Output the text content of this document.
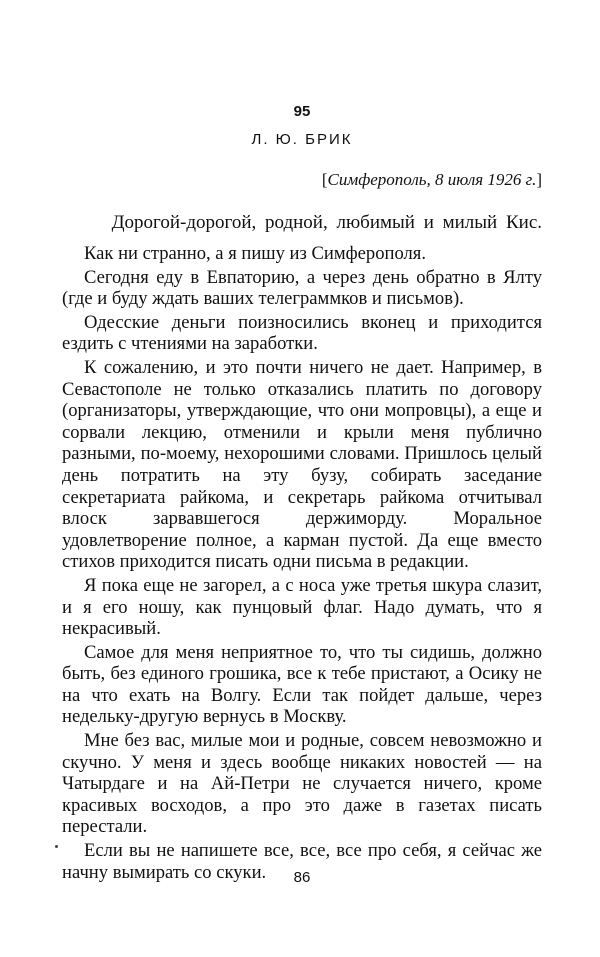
95
Л. Ю. БРИК
[Симферополь, 8 июля 1926 г.]
Дорогой-дорогой, родной, любимый и милый Кис.

Как ни странно, а я пишу из Симферополя.

Сегодня еду в Евпаторию, а через день обратно в Ялту (где и буду ждать ваших телеграммков и письмов).

Одесские деньги поизносились вконец и приходится ездить с чтениями на заработки.

К сожалению, и это почти ничего не дает. Например, в Севастополе не только отказались платить по договору (организаторы, утверждающие, что они мопровцы), а еще и сорвали лекцию, отменили и крыли меня публично разными, по-моему, нехорошими словами. Пришлось целый день потратить на эту бузу, собирать заседание секретариата райкома, и секретарь райкома отчитывал влоск зарвавшегося держиморду. Моральное удовлетворение полное, а карман пустой. Да еще вместо стихов приходится писать одни письма в редакции.

Я пока еще не загорел, а с носа уже третья шкура слазит, и я его ношу, как пунцовый флаг. Надо думать, что я некрасивый.

Самое для меня неприятное то, что ты сидишь, должно быть, без единого грошика, все к тебе пристают, а Осику не на что ехать на Волгу. Если так пойдет дальше, через недельку-другую вернусь в Москву.

Мне без вас, милые мои и родные, совсем невозможно и скучно. У меня и здесь вообще никаких новостей — на Чатырдаге и на Ай-Петри не случается ничего, кроме красивых восходов, а про это даже в газетах писать перестали.

Если вы не напишете все, все, все про себя, я сейчас же начну вымирать со скуки.	86
